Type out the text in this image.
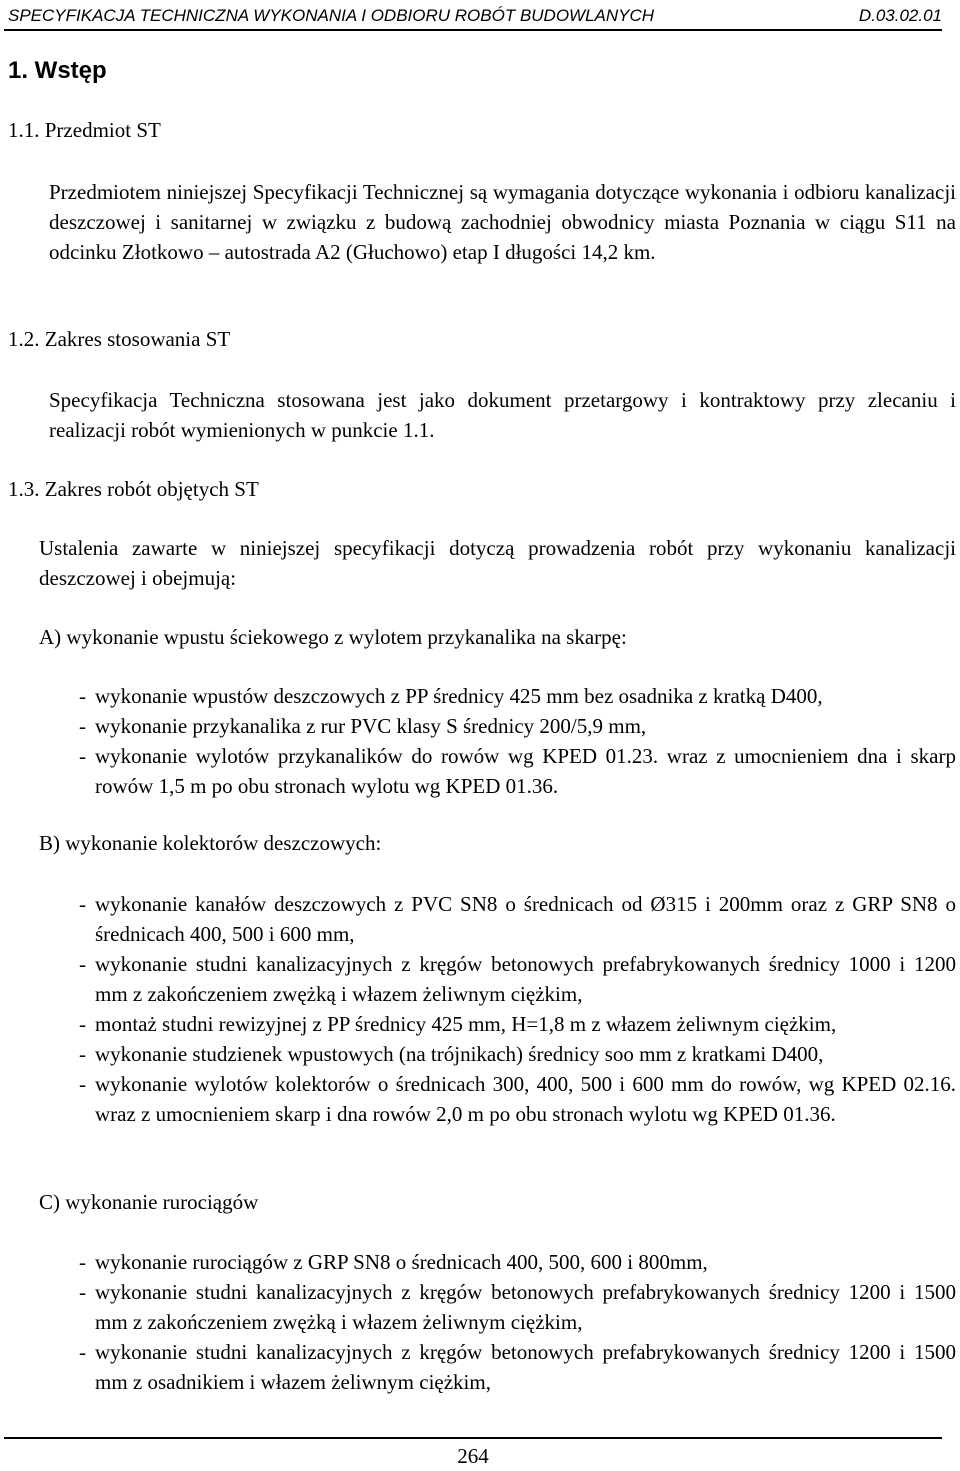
SPECYFIKACJA TECHNICZNA WYKONANIA I ODBIORU ROBÓT BUDOWLANYCH	D.03.02.01
1. Wstęp

1.1. Przedmiot ST

Przedmiotem niniejszej Specyfikacji Technicznej są wymagania dotyczące wykonania i odbioru kanalizacji deszczowej i sanitarnej w związku z budową zachodniej obwodnicy miasta Poznania w ciągu S11 na odcinku Złotkowo – autostrada A2 (Głuchowo) etap I długości 14,2 km.

1.2. Zakres stosowania ST

Specyfikacja Techniczna stosowana jest jako dokument przetargowy i kontraktowy przy zlecaniu i realizacji robót wymienionych w punkcie 1.1.

1.3. Zakres robót objętych ST

Ustalenia zawarte w niniejszej specyfikacji dotyczą prowadzenia robót przy wykonaniu kanalizacji deszczowej i obejmują:

A) wykonanie wpustu ściekowego z wylotem przykanalika na skarpę:

- wykonanie wpustów deszczowych z PP średnicy 425 mm bez osadnika z kratką D400,
- wykonanie przykanalika z rur PVC klasy S średnicy 200/5,9 mm,
- wykonanie wylotów przykanalików do rowów wg KPED 01.23. wraz z umocnieniem dna i skarp rowów 1,5 m po obu stronach wylotu wg KPED 01.36.

B) wykonanie kolektorów deszczowych:

- wykonanie kanałów deszczowych z PVC SN8 o średnicach od Ø315 i 200mm oraz z GRP SN8 o średnicach 400, 500 i 600 mm,
- wykonanie studni kanalizacyjnych z kręgów betonowych prefabrykowanych średnicy 1000 i 1200 mm z zakończeniem zwężką i włazem żeliwnym ciężkim,
- montaż studni rewizyjnej z PP średnicy 425 mm, H=1,8 m z włazem żeliwnym ciężkim,
- wykonanie studzienek wpustowych (na trójnikach) średnicy soo mm z kratkami D400,
- wykonanie wylotów kolektorów o średnicach 300, 400, 500 i 600 mm do rowów, wg KPED 02.16. wraz z umocnieniem skarp i dna rowów 2,0 m po obu stronach wylotu wg KPED 01.36.

C) wykonanie rurociągów

- wykonanie rurociągów z GRP SN8 o średnicach 400, 500, 600 i 800mm,
- wykonanie studni kanalizacyjnych z kręgów betonowych prefabrykowanych średnicy 1200 i 1500 mm z zakończeniem zwężką i włazem żeliwnym ciężkim,
- wykonanie studni kanalizacyjnych z kręgów betonowych prefabrykowanych średnicy 1200 i 1500 mm z osadnikiem i włazem żeliwnym ciężkim,
264
